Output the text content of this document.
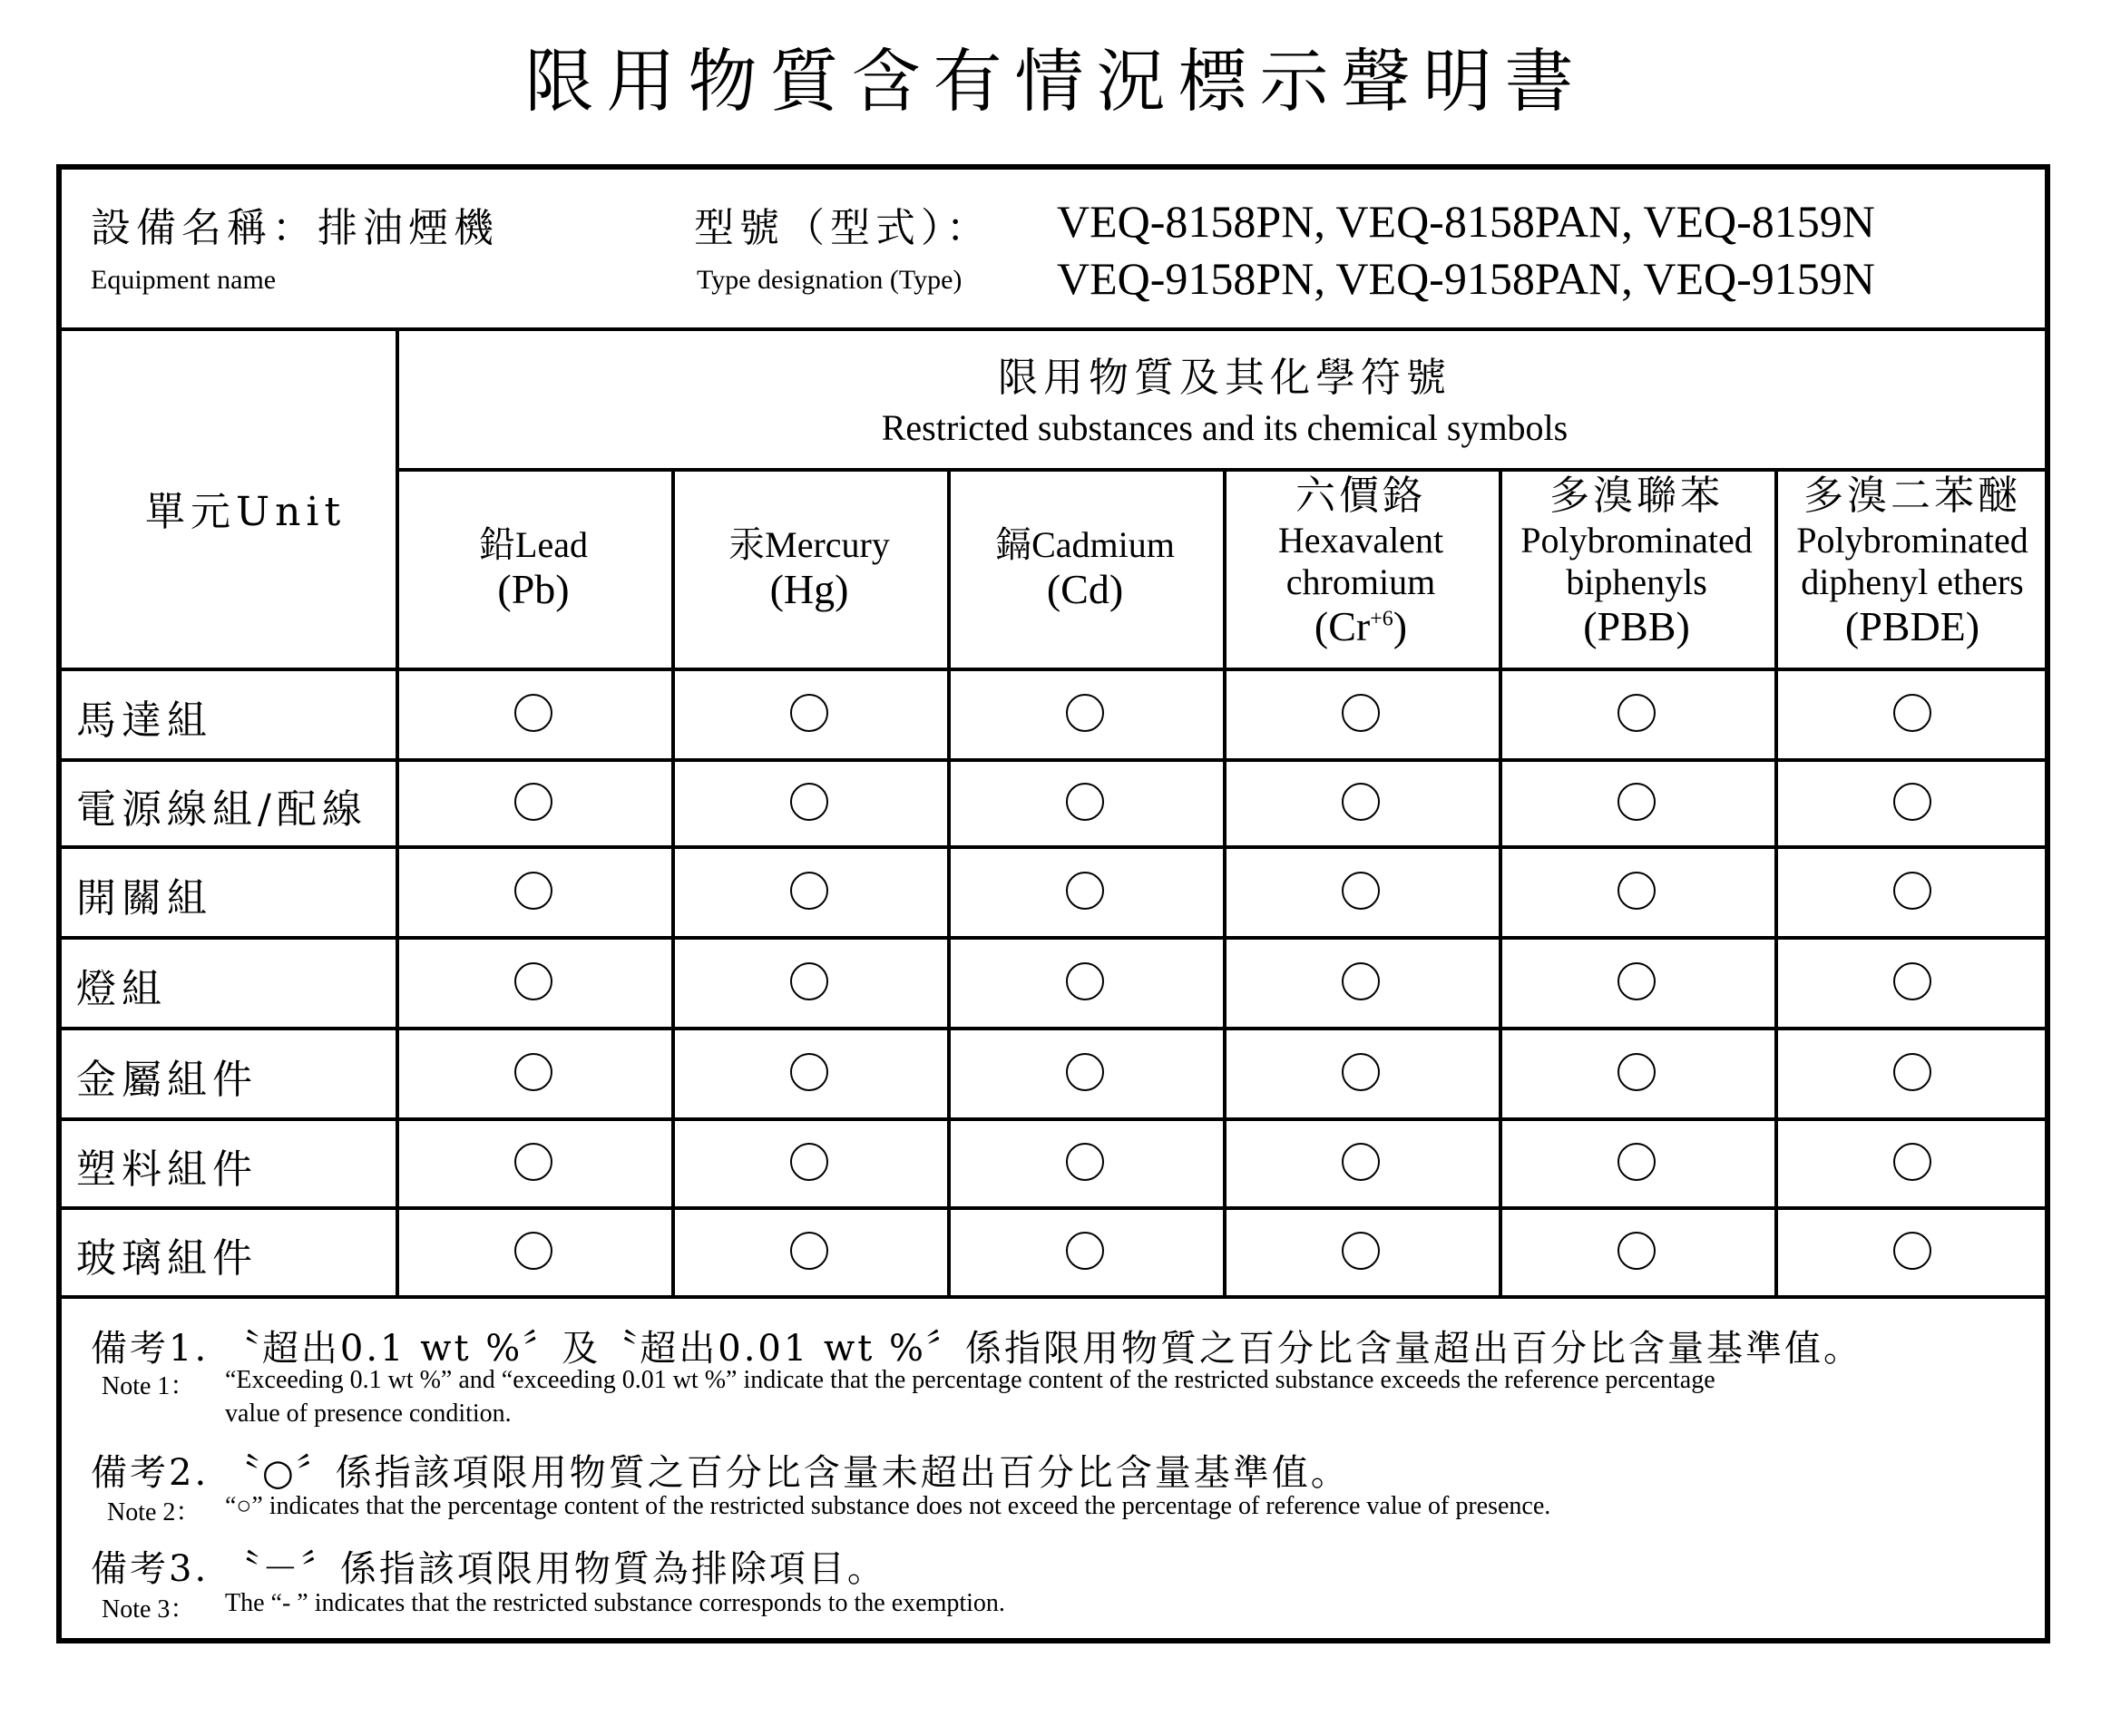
限用物質含有情況標示聲明書
設備名稱：排油煙機
Equipment name
型號（型式）：
Type designation (Type)
VEQ-8158PN, VEQ-8158PAN, VEQ-8159N
VEQ-9158PN, VEQ-9158PAN, VEQ-9159N
單元Unit
限用物質及其化學符號
Restricted substances and its chemical symbols
鉛Lead
(Pb)
汞Mercury
(Hg)
鎘Cadmium
(Cd)
六價鉻
Hexavalent
chromium
$(Cr^{+6})$
多溴聯苯
Polybrominated
biphenyls
(PBB)
多溴二苯醚
Polybrominated
diphenyl ethers
(PBDE)
馬達組
電源線組/配線
開關組
燈組
金屬組件
塑料組件
玻璃組件
備考1. 〝超出0.1 wt %〞及〝超出0.01 wt %〞係指限用物質之百分比含量超出百分比含量基準值。
Note 1： “Exceeding 0.1 wt %” and “exceeding 0.01 wt %” indicate that the percentage content of the restricted substance exceeds the reference percentage
value of presence condition.
備考2. 〝○〞係指該項限用物質之百分比含量未超出百分比含量基準值。
Note 2： “○” indicates that the percentage content of the restricted substance does not exceed the percentage of reference value of presence.
備考3. 〝－〞係指該項限用物質為排除項目。
Note 3： The “- ” indicates that the restricted substance corresponds to the exemption.
